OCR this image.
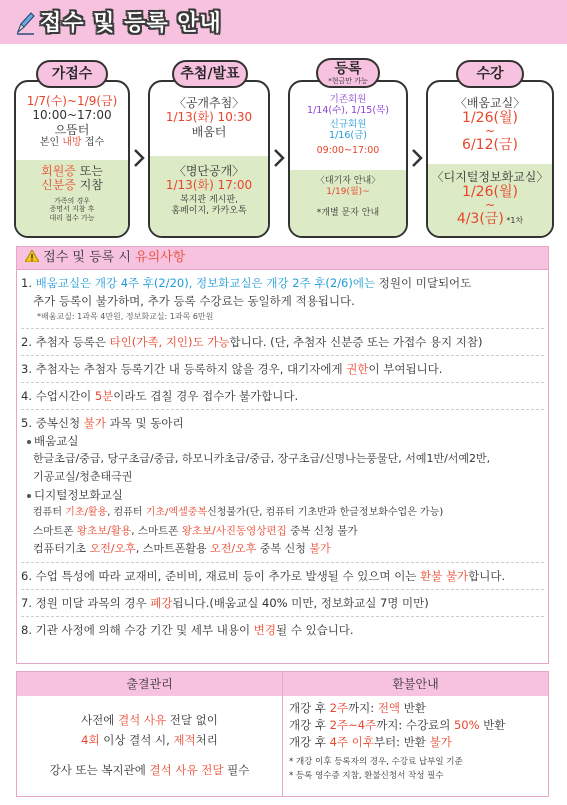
접수 및 등록 안내
1/7(수)~1/9(금)
10:00~17:00
으뜸터
본인 내방 접수
회원증 또는
신분증 지참
가족의 경우
증명서 지참 후
대리 접수 가능
가접수
〈공개추첨〉
1/13(화) 10:30
배움터
〈명단공개〉
1/13(화) 17:00
복지관 게시판,
홈페이지, 카카오톡
추첨/발표
기존회원
1/14(수), 1/15(목)
신규회원
1/16(금)
09:00~17:00
〈대기자 안내〉
1/19(월)~
*개별 문자 안내
등록
*현금만 가능
〈배움교실〉
1/26(월)
~
6/12(금)
〈디지털정보화교실〉
1/26(월)
~
4/3(금) *1차
수강
접수 및 등록 시 유의사항
1. 배움교실은 개강 4주 후(2/20), 정보화교실은 개강 2주 후(2/6)에는 정원이 미달되어도
추가 등록이 불가하며, 추가 등록 수강료는 동일하게 적용됩니다.
*배움교실: 1과목 4만원, 정보화교실: 1과목 6만원
2. 추첨자 등록은 타인(가족, 지인)도 가능합니다. (단, 추첨자 신분증 또는 가접수 용지 지참)
3. 추첨자는 추첨자 등록기간 내 등록하지 않을 경우, 대기자에게 권한이 부여됩니다.
4. 수업시간이 5분이라도 겹칠 경우 접수가 불가합니다.
5. 중복신청 불가 과목 및 동아리
배움교실
한글초급/중급, 당구초급/중급, 하모니카초급/중급, 장구초급/신명나는풍물단, 서예1반/서예2반,
기공교실/청춘태극권
디지털정보화교실
컴퓨터 기초/활용, 컴퓨터 기초/엑셀중복신청불가(단, 컴퓨터 기초반과 한글정보화수업은 가능)
스마트폰 왕초보/활용, 스마트폰 왕초보/사진동영상편집 중복 신청 불가
컴퓨터기초 오전/오후, 스마트폰활용 오전/오후 중복 신청 불가
6. 수업 특성에 따라 교재비, 준비비, 재료비 등이 추가로 발생될 수 있으며 이는 환불 불가합니다.
7. 정원 미달 과목의 경우 폐강됩니다.(배움교실 40% 미만, 정보화교실 7명 미만)
8. 기관 사정에 의해 수강 기간 및 세부 내용이 변경될 수 있습니다.
출결관리	환불안내
사전에 결석 사유 전달 없이
4회 이상 결석 시, 제적처리
강사 또는 복지관에 결석 사유 전달 필수
개강 후 2주까지: 전액 반환
개강 후 2주~4주까지: 수강료의 50% 반환
개강 후 4주 이후부터: 반환 불가
* 개강 이후 등록자의 경우, 수강료 납부일 기준
* 등록 영수증 지참, 환불신청서 작성 필수
